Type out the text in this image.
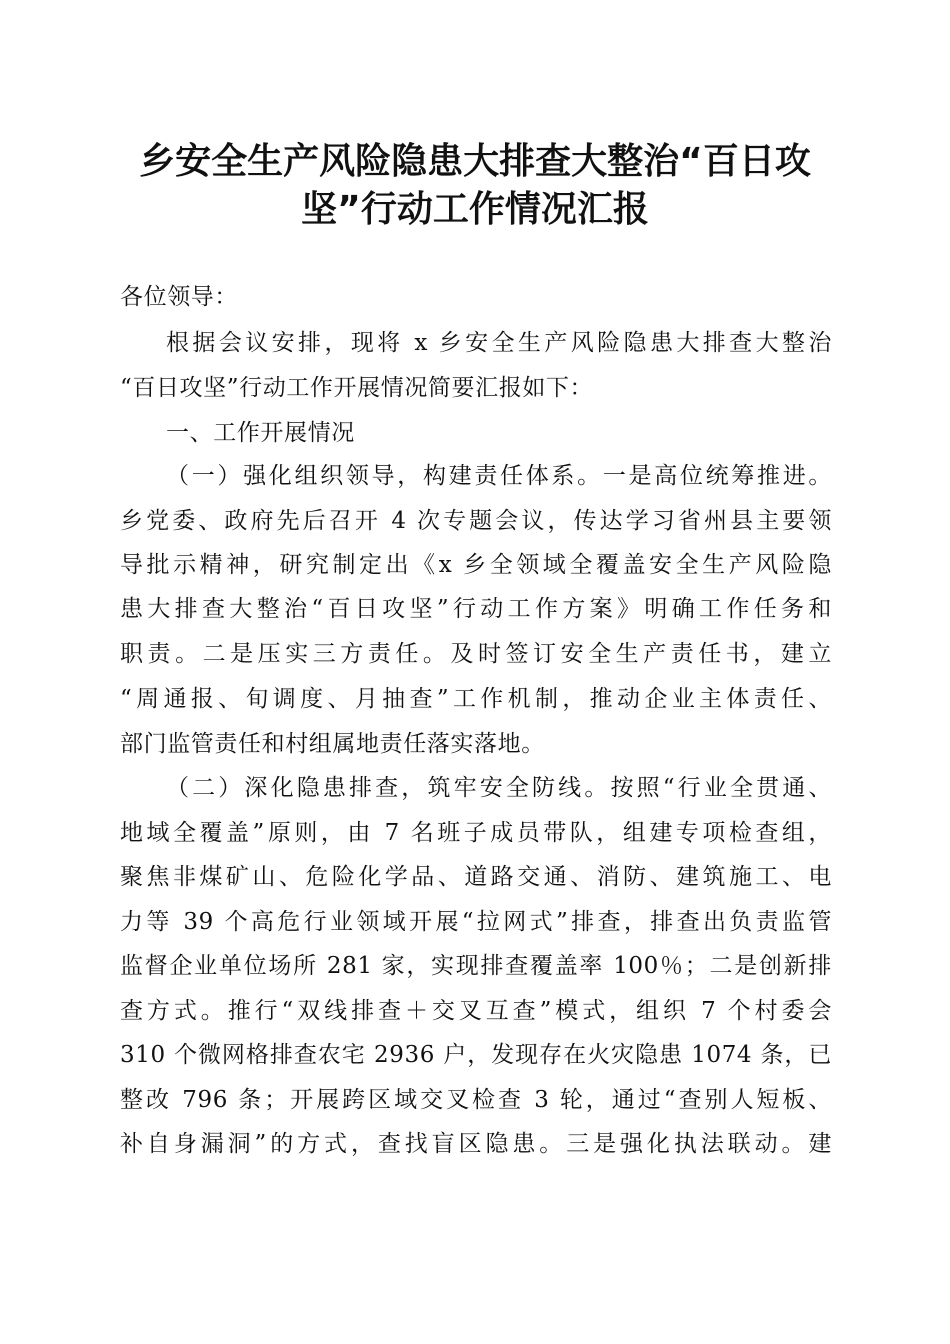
乡安全生产风险隐患大排查大整治“百日攻
坚”行动工作情况汇报

各位领导：

根据会议安排，现将 x 乡安全生产风险隐患大排查大整治

“百日攻坚”行动工作开展情况简要汇报如下：

一、工作开展情况

（一）强化组织领导，构建责任体系。一是高位统筹推进。

乡党委、政府先后召开 4 次专题会议，传达学习省州县主要领

导批示精神，研究制定出《x 乡全领域全覆盖安全生产风险隐

患大排查大整治“百日攻坚”行动工作方案》明确工作任务和

职责。二是压实三方责任。及时签订安全生产责任书，建立

“周通报、旬调度、月抽查”工作机制，推动企业主体责任、

部门监管责任和村组属地责任落实落地。

（二）深化隐患排查，筑牢安全防线。按照“行业全贯通、

地域全覆盖”原则，由 7 名班子成员带队，组建专项检查组，

聚焦非煤矿山、危险化学品、道路交通、消防、建筑施工、电

力等 39 个高危行业领域开展“拉网式”排查，排查出负责监管

监督企业单位场所 281 家，实现排查覆盖率 100％；二是创新排

查方式。推行“双线排查＋交叉互查”模式，组织 7 个村委会

310 个微网格排查农宅 2936 户，发现存在火灾隐患 1074 条，已

整改 796 条；开展跨区域交叉检查 3 轮，通过“查别人短板、

补自身漏洞”的方式，查找盲区隐患。三是强化执法联动。建
